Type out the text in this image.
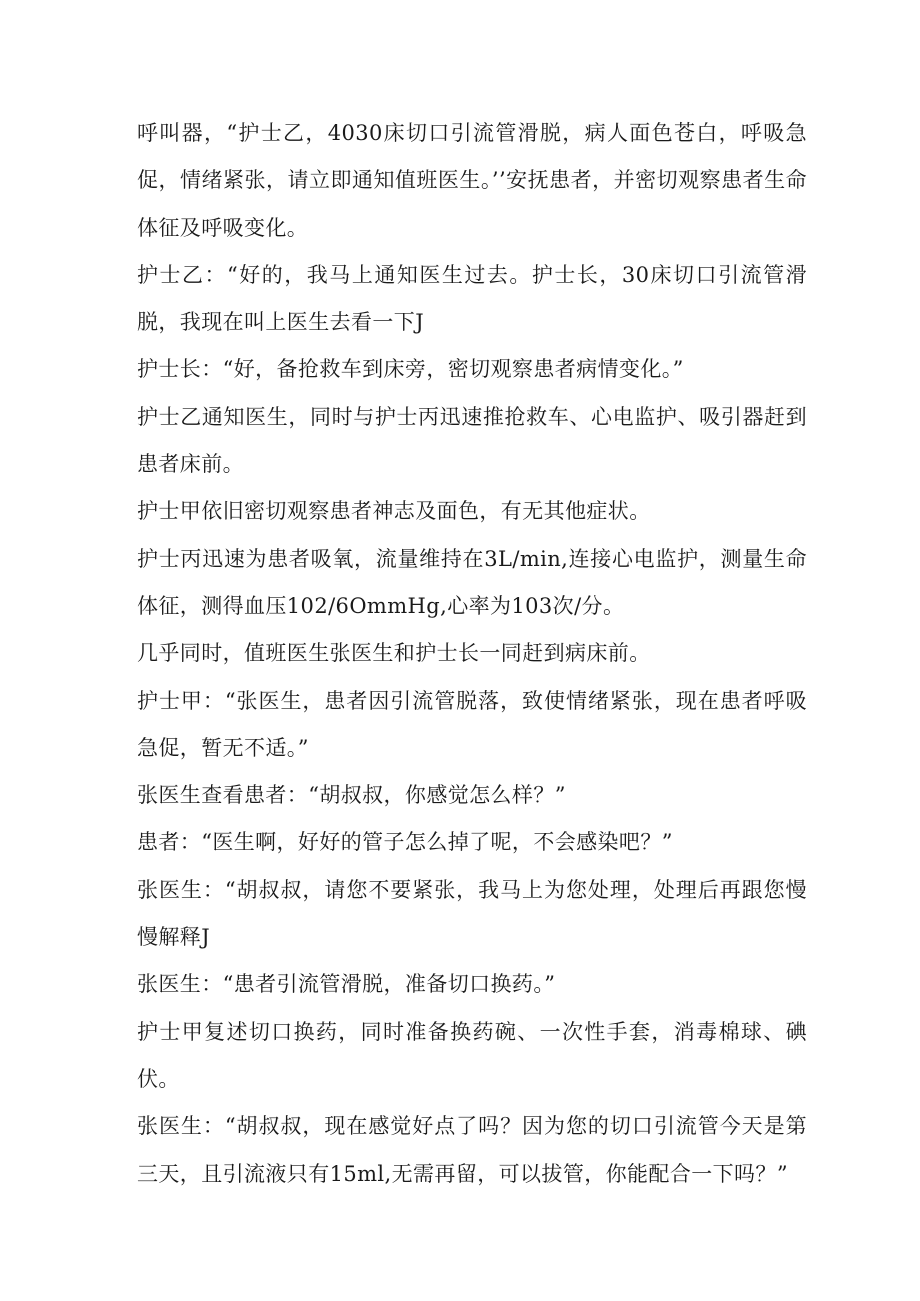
呼叫器，“护士乙，4030床切口引流管滑脱，病人面色苍白，呼吸急促，情绪紧张，请立即通知值班医生。’’安抚患者，并密切观察患者生命体征及呼吸变化。

护士乙：“好的，我马上通知医生过去。护士长，30床切口引流管滑脱，我现在叫上医生去看一下J

护士长：“好，备抢救车到床旁，密切观察患者病情变化。”

护士乙通知医生，同时与护士丙迅速推抢救车、心电监护、吸引器赶到患者床前。

护士甲依旧密切观察患者神志及面色，有无其他症状。

护士丙迅速为患者吸氧，流量维持在3L/min,连接心电监护，测量生命体征，测得血压102/6OmmHg,心率为103次/分。

几乎同时，值班医生张医生和护士长一同赶到病床前。

护士甲：“张医生，患者因引流管脱落，致使情绪紧张，现在患者呼吸急促，暂无不适。”

张医生查看患者：“胡叔叔，你感觉怎么样？”

患者：“医生啊，好好的管子怎么掉了呢，不会感染吧？”

张医生：“胡叔叔，请您不要紧张，我马上为您处理，处理后再跟您慢慢解释J

张医生：“患者引流管滑脱，准备切口换药。”

护士甲复述切口换药，同时准备换药碗、一次性手套，消毒棉球、碘伏。

张医生：“胡叔叔，现在感觉好点了吗？因为您的切口引流管今天是第三天，且引流液只有15ml,无需再留，可以拔管，你能配合一下吗？”
